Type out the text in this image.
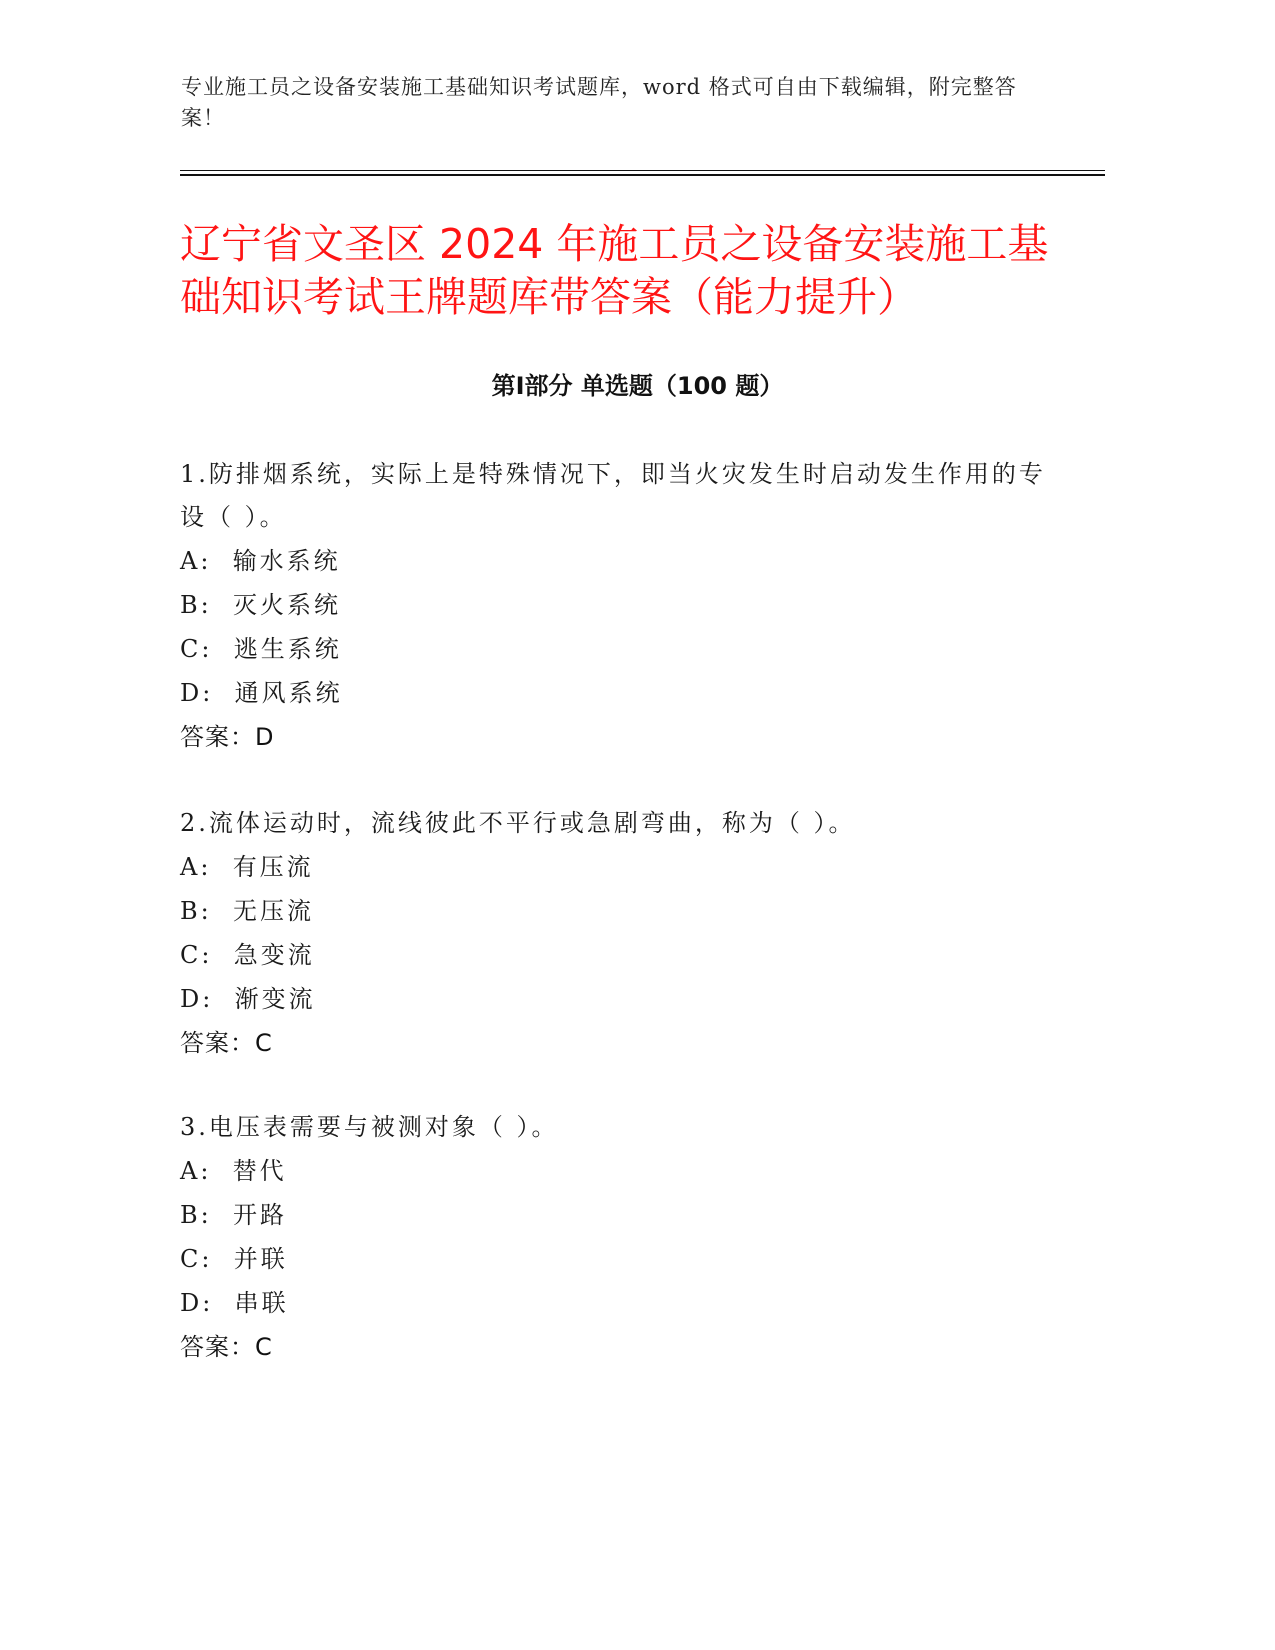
专业施工员之设备安装施工基础知识考试题库，word 格式可自由下载编辑，附完整答案！
辽宁省文圣区 2024 年施工员之设备安装施工基础知识考试王牌题库带答案（能力提升）
第Ⅰ部分 单选题（100 题）

1.防排烟系统，实际上是特殊情况下，即当火灾发生时启动发生作用的专设（ ）。

A: 输水系统

B: 灭火系统

C: 逃生系统

D: 通风系统

答案：D

2.流体运动时，流线彼此不平行或急剧弯曲，称为（ ）。

A: 有压流

B: 无压流

C: 急变流

D: 渐变流

答案：C

3.电压表需要与被测对象（ ）。

A: 替代

B: 开路

C: 并联

D: 串联

答案：C
